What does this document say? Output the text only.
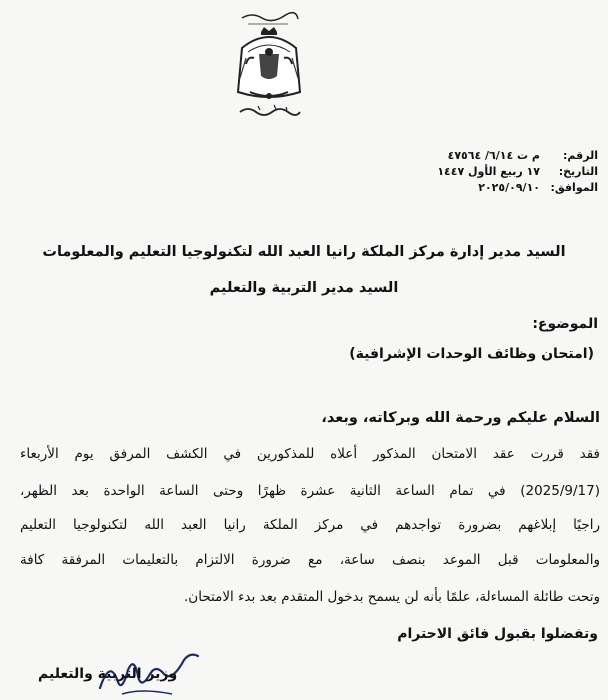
الرقم:
م ت ٦/١٤/ ٤٧٥٦٤
التاريخ:
١٧ ربيع الأول ١٤٤٧
الموافق:
٢٠٢٥/٠٩/١٠
السيد مدير إدارة مركز الملكة رانيا العبد الله لتكنولوجيا التعليم والمعلومات
السيد مدير التربية والتعليم
الموضوع:
(امتحان وظائف الوحدات الإشرافية)
السلام عليكم ورحمة الله وبركاته، وبعد،
فقد قررت عقد الامتحان المذكور أعلاه للمذكورين في الكشف المرفق يوم الأربعاء
(2025/9/17) في تمام الساعة الثانية عشرة ظهرًا وحتى الساعة الواحدة بعد الظهر،
راجيًا إبلاغهم بضرورة تواجدهم في مركز الملكة رانيا العبد الله لتكنولوجيا التعليم
والمعلومات قبل الموعد بنصف ساعة، مع ضرورة الالتزام بالتعليمات المرفقة كافة
وتحت طائلة المساءلة، علمًا بأنه لن يسمح بدخول المتقدم بعد بدء الامتحان.
وتفضلوا بقبول فائق الاحترام
وزير التربية والتعليم
